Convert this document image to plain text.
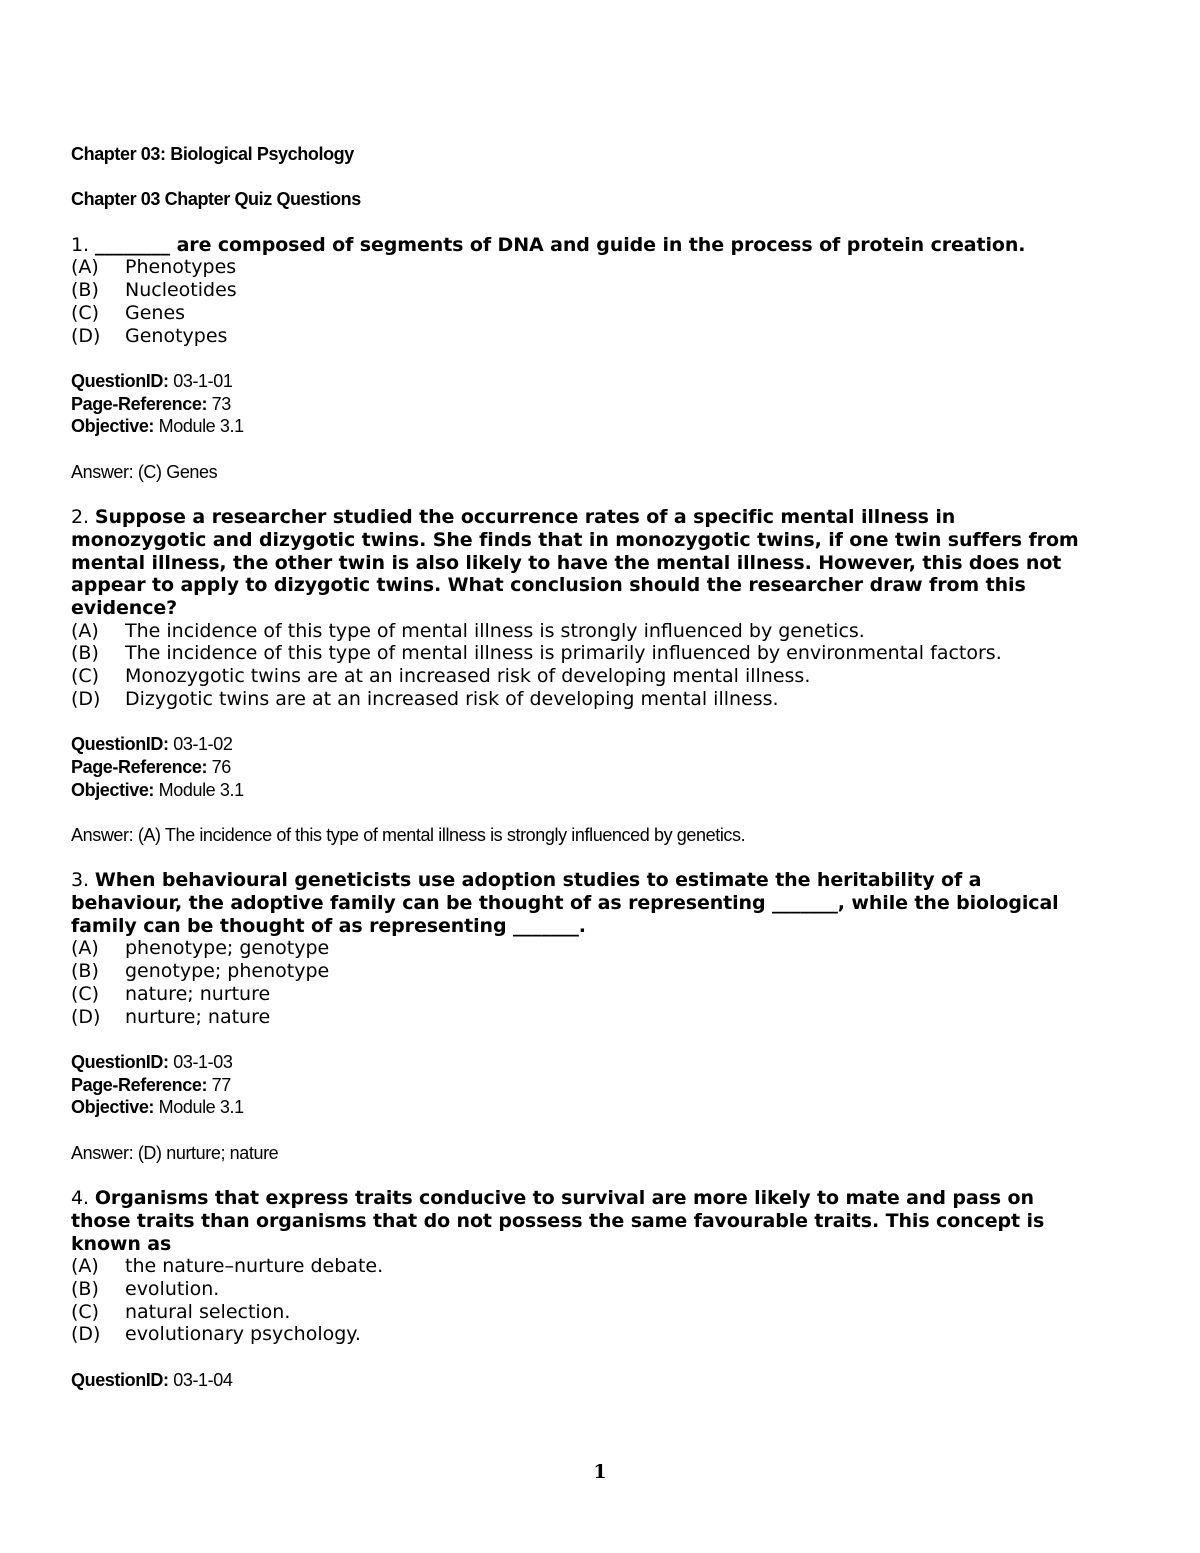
Chapter 03: Biological Psychology

Chapter 03 Chapter Quiz Questions

1. ________ are composed of segments of DNA and guide in the process of protein creation.
(A)	Phenotypes
(B)	Nucleotides
(C)	Genes
(D)	Genotypes

QuestionID: 03-1-01

Page-Reference: 73

Objective: Module 3.1

Answer: (C) Genes

2. Suppose a researcher studied the occurrence rates of a specific mental illness in
monozygotic and dizygotic twins. She finds that in monozygotic twins, if one twin suffers from
mental illness, the other twin is also likely to have the mental illness. However, this does not
appear to apply to dizygotic twins. What conclusion should the researcher draw from this
evidence?
(A)	The incidence of this type of mental illness is strongly influenced by genetics.
(B)	The incidence of this type of mental illness is primarily influenced by environmental factors.
(C)	Monozygotic twins are at an increased risk of developing mental illness.
(D)	Dizygotic twins are at an increased risk of developing mental illness.

QuestionID: 03-1-02

Page-Reference: 76

Objective: Module 3.1

Answer: (A) The incidence of this type of mental illness is strongly influenced by genetics.

3. When behavioural geneticists use adoption studies to estimate the heritability of a
behaviour, the adoptive family can be thought of as representing _______, while the biological
family can be thought of as representing _______.
(A)	phenotype; genotype
(B)	genotype; phenotype
(C)	nature; nurture
(D)	nurture; nature

QuestionID: 03-1-03

Page-Reference: 77

Objective: Module 3.1

Answer: (D) nurture; nature

4. Organisms that express traits conducive to survival are more likely to mate and pass on
those traits than organisms that do not possess the same favourable traits. This concept is
known as
(A)	the nature–nurture debate.
(B)	evolution.
(C)	natural selection.
(D)	evolutionary psychology.

QuestionID: 03-1-04

1
